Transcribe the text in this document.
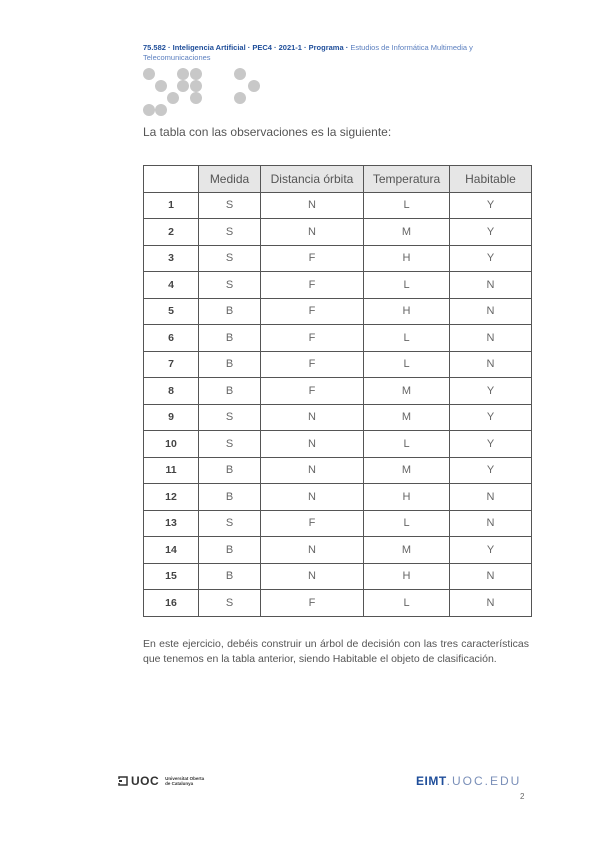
75.582 · Inteligencia Artificial · PEC4 · 2021-1 · Programa · Estudios de Informática Multimedia y Telecomunicaciones
La tabla con las observaciones es la siguiente:
	Medida	Distancia órbita	Temperatura	Habitable
1	S	N	L	Y
2	S	N	M	Y
3	S	F	H	Y
4	S	F	L	N
5	B	F	H	N
6	B	F	L	N
7	B	F	L	N
8	B	F	M	Y
9	S	N	M	Y
10	S	N	L	Y
11	B	N	M	Y
12	B	N	H	N
13	S	F	L	N
14	B	N	M	Y
15	B	N	H	N
16	S	F	L	N
En este ejercicio, debéis construir un árbol de decisión con las tres características que tenemos en la tabla anterior, siendo Habitable el objeto de clasificación.
UOC Universitat Oberta
de Catalunya	EIMT.UOC.EDU
2
